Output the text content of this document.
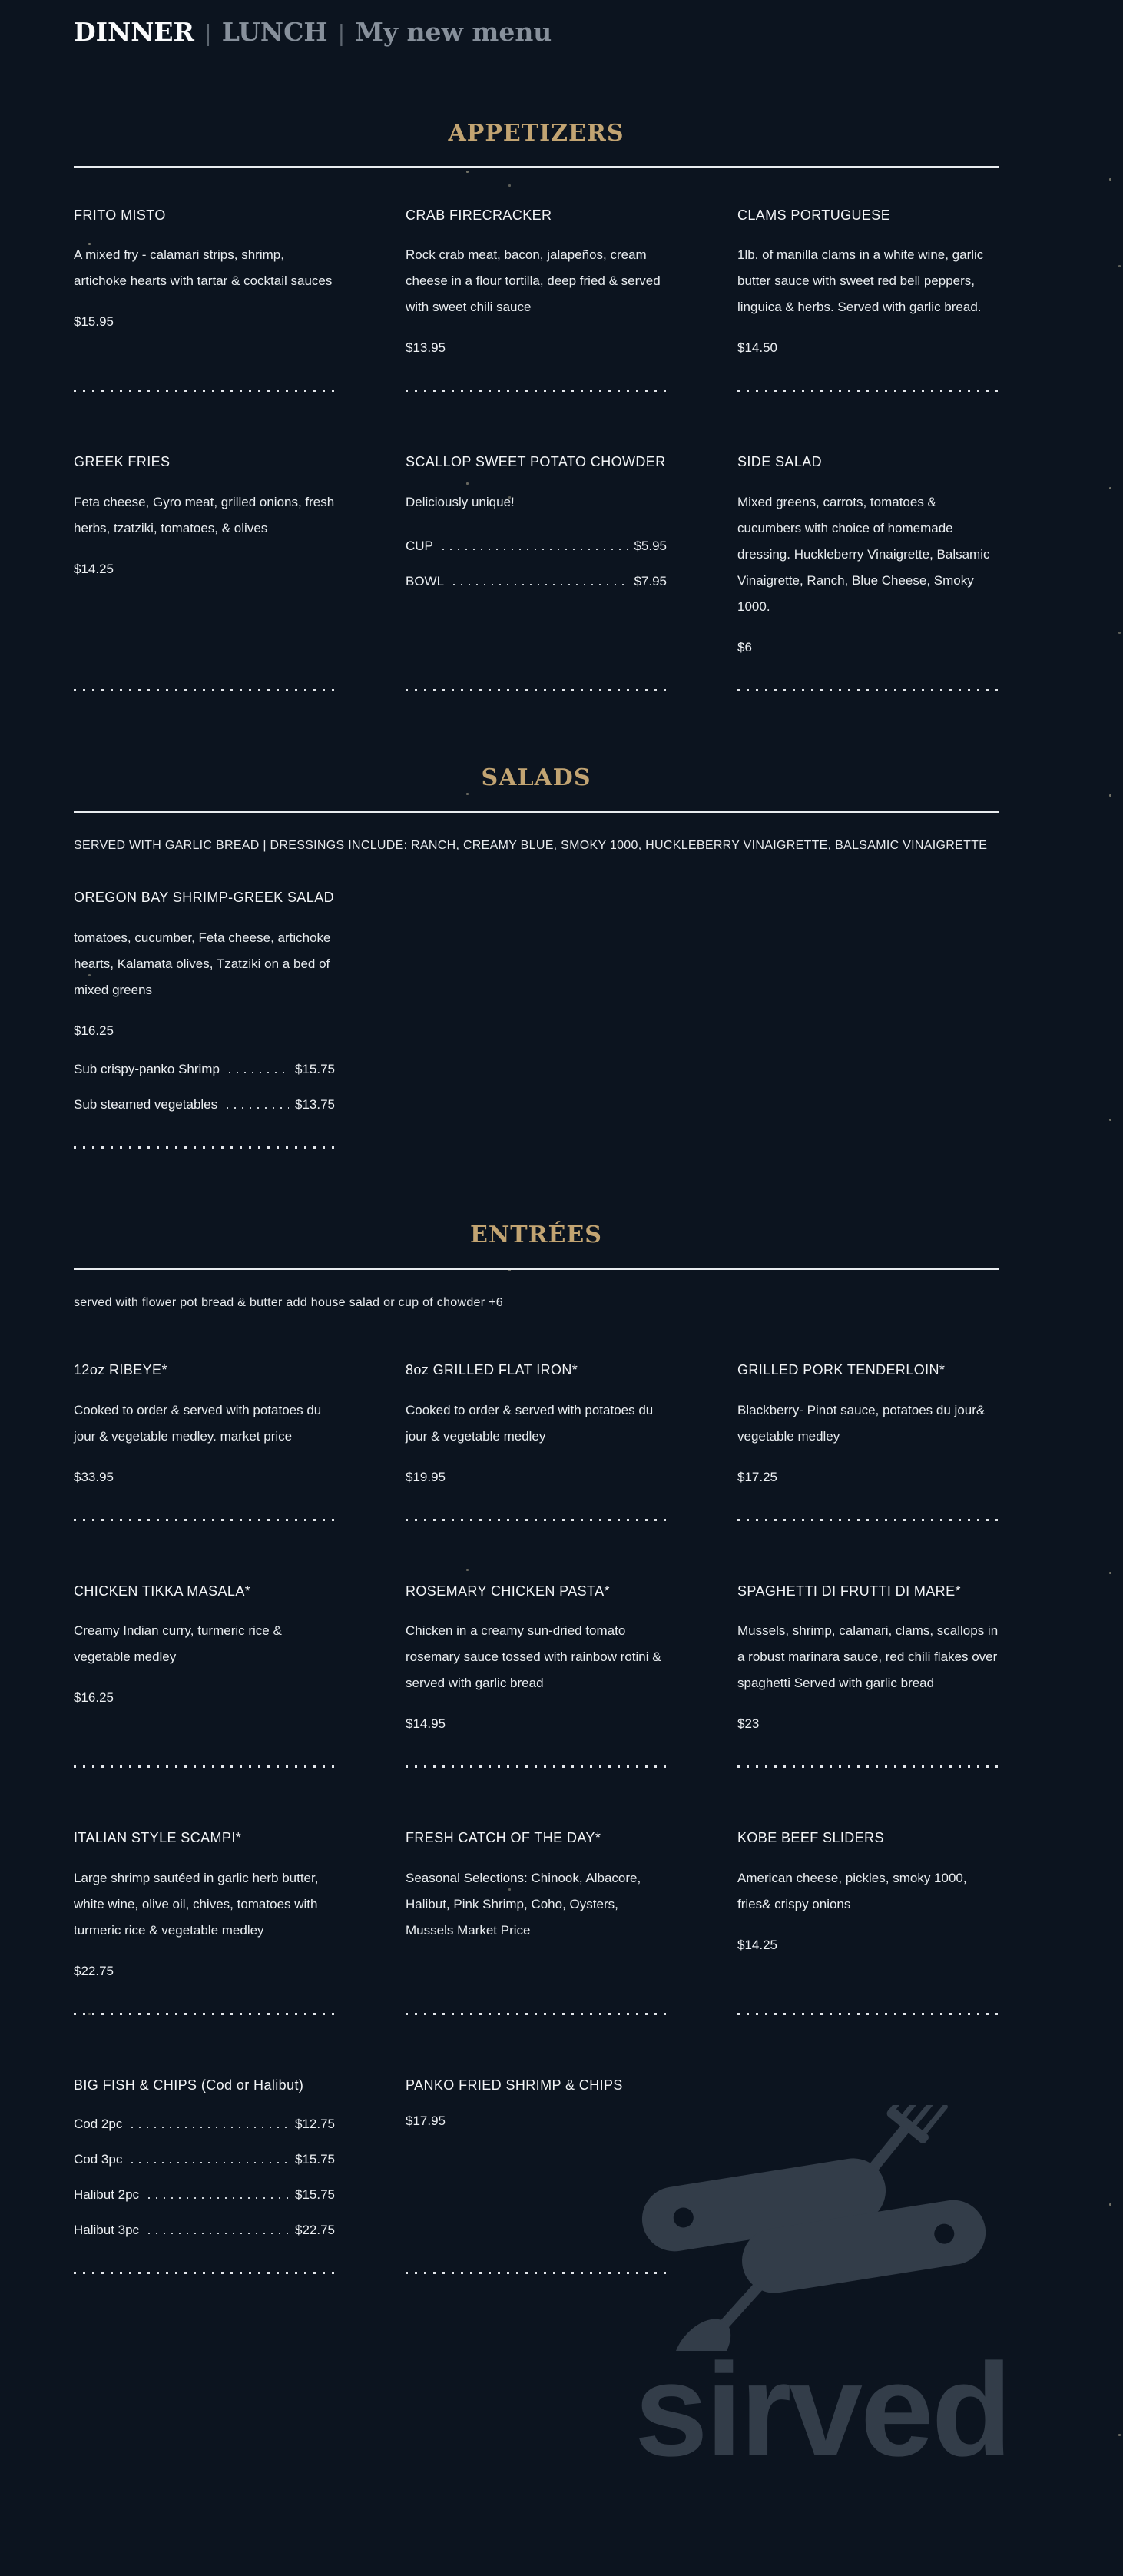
sirved
DINNER | LUNCH | My new menu
APPETIZERS
FRITO MISTO

A mixed fry - calamari strips, shrimp, artichoke hearts with tartar & cocktail sauces

$15.95
CRAB FIRECRACKER

Rock crab meat, bacon, jalapeños, cream cheese in a flour tortilla, deep fried & served with sweet chili sauce

$13.95
CLAMS PORTUGUESE

1lb. of manilla clams in a white wine, garlic butter sauce with sweet red bell peppers, linguica & herbs. Served with garlic bread.

$14.50
GREEK FRIES

Feta cheese, Gyro meat, grilled onions, fresh herbs, tzatziki, tomatoes, & olives

$14.25
SCALLOP SWEET POTATO CHOWDER

Deliciously unique!

CUP	$5.95
BOWL	$7.95
SIDE SALAD

Mixed greens, carrots, tomatoes & cucumbers with choice of homemade dressing. Huckleberry Vinaigrette, Balsamic Vinaigrette, Ranch, Blue Cheese, Smoky 1000.

$6
SALADS

SERVED WITH GARLIC BREAD | DRESSINGS INCLUDE: RANCH, CREAMY BLUE, SMOKY 1000, HUCKLEBERRY VINAIGRETTE, BALSAMIC VINAIGRETTE

OREGON BAY SHRIMP-GREEK SALAD

tomatoes, cucumber, Feta cheese, artichoke hearts, Kalamata olives, Tzatziki on a bed of mixed greens

$16.25
Sub crispy-panko Shrimp	$15.75
Sub steamed vegetables	$13.75
ENTRÉES

served with flower pot bread & butter add house salad or cup of chowder +6

12oz RIBEYE*

Cooked to order & served with potatoes du jour & vegetable medley. market price

$33.95
8oz GRILLED FLAT IRON*

Cooked to order & served with potatoes du jour & vegetable medley

$19.95
GRILLED PORK TENDERLOIN*

Blackberry- Pinot sauce, potatoes du jour& vegetable medley

$17.25
CHICKEN TIKKA MASALA*

Creamy Indian curry, turmeric rice & vegetable medley

$16.25
ROSEMARY CHICKEN PASTA*

Chicken in a creamy sun-dried tomato rosemary sauce tossed with rainbow rotini & served with garlic bread

$14.95
SPAGHETTI DI FRUTTI DI MARE*

Mussels, shrimp, calamari, clams, scallops in a robust marinara sauce, red chili flakes over spaghetti Served with garlic bread

$23
ITALIAN STYLE SCAMPI*

Large shrimp sautéed in garlic herb butter, white wine, olive oil, chives, tomatoes with turmeric rice & vegetable medley

$22.75
FRESH CATCH OF THE DAY*

Seasonal Selections: Chinook, Albacore, Halibut, Pink Shrimp, Coho, Oysters, Mussels Market Price

KOBE BEEF SLIDERS

American cheese, pickles, smoky 1000, fries& crispy onions

$14.25
BIG FISH & CHIPS (Cod or Halibut)
Cod 2pc	$12.75
Cod 3pc	$15.75
Halibut 2pc	$15.75
Halibut 3pc	$22.75
PANKO FRIED SHRIMP & CHIPS
$17.95
